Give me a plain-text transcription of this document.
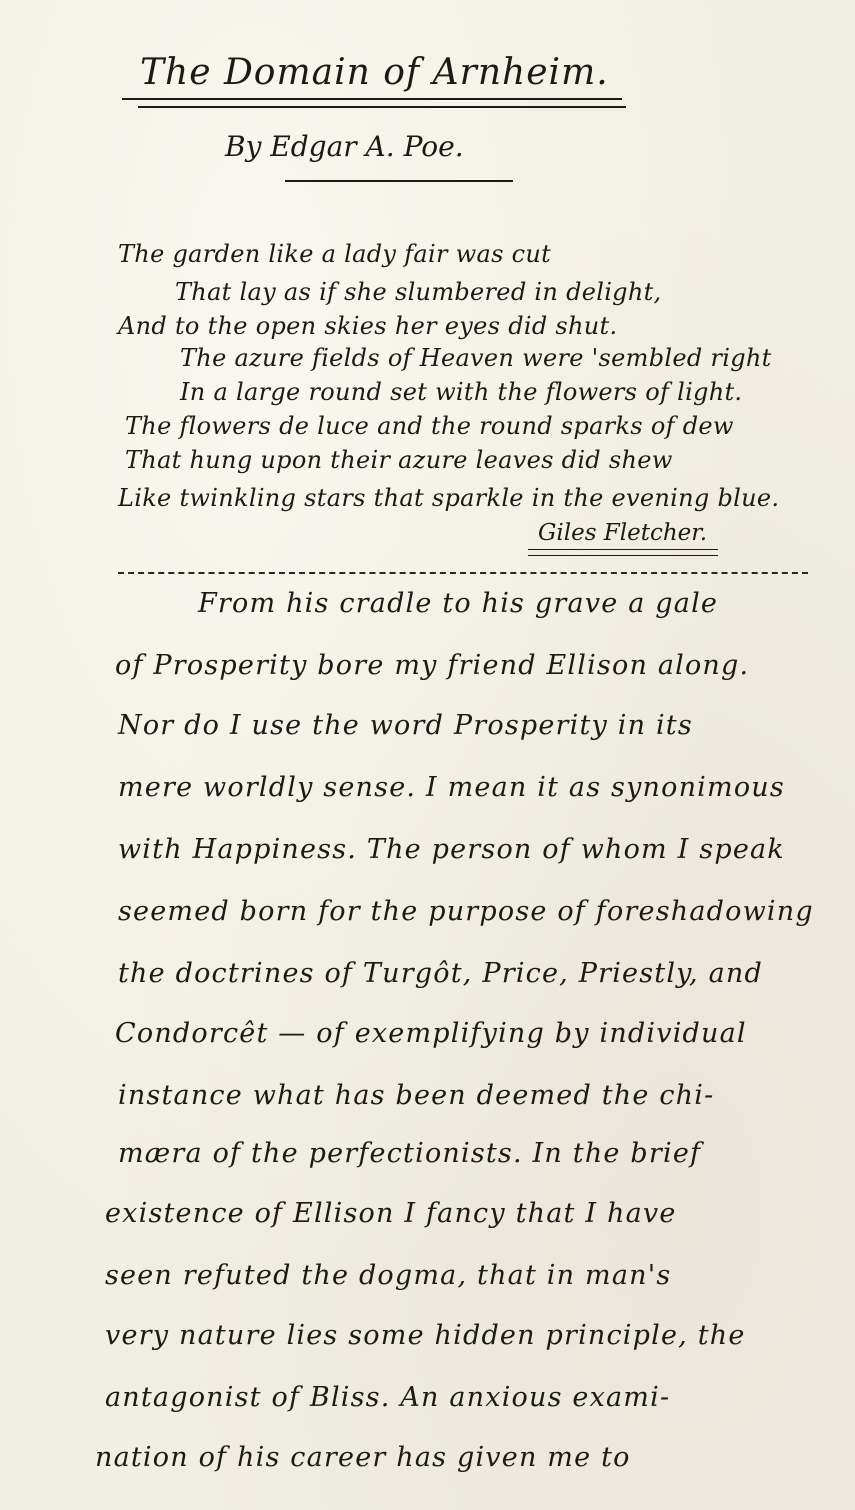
The Domain of Arnheim.
By Edgar A. Poe.
The garden like a lady fair was cut
That lay as if she slumbered in delight,
And to the open skies her eyes did shut.
The azure fields of Heaven were 'sembled right
In a large round set with the flowers of light.
The flowers de luce and the round sparks of dew
That hung upon their azure leaves did shew
Like twinkling stars that sparkle in the evening blue.
Giles Fletcher.
From his cradle to his grave a gale
of Prosperity bore my friend Ellison along.
Nor do I use the word Prosperity in its
mere worldly sense. I mean it as synonimous
with Happiness. The person of whom I speak
seemed born for the purpose of foreshadowing
the doctrines of Turgôt, Price, Priestly, and
Condorcêt — of exemplifying by individual
instance what has been deemed the chi-
mæra of the perfectionists. In the brief
existence of Ellison I fancy that I have
seen refuted the dogma, that in man's
very nature lies some hidden principle, the
antagonist of Bliss. An anxious exami-
nation of his career has given me to
